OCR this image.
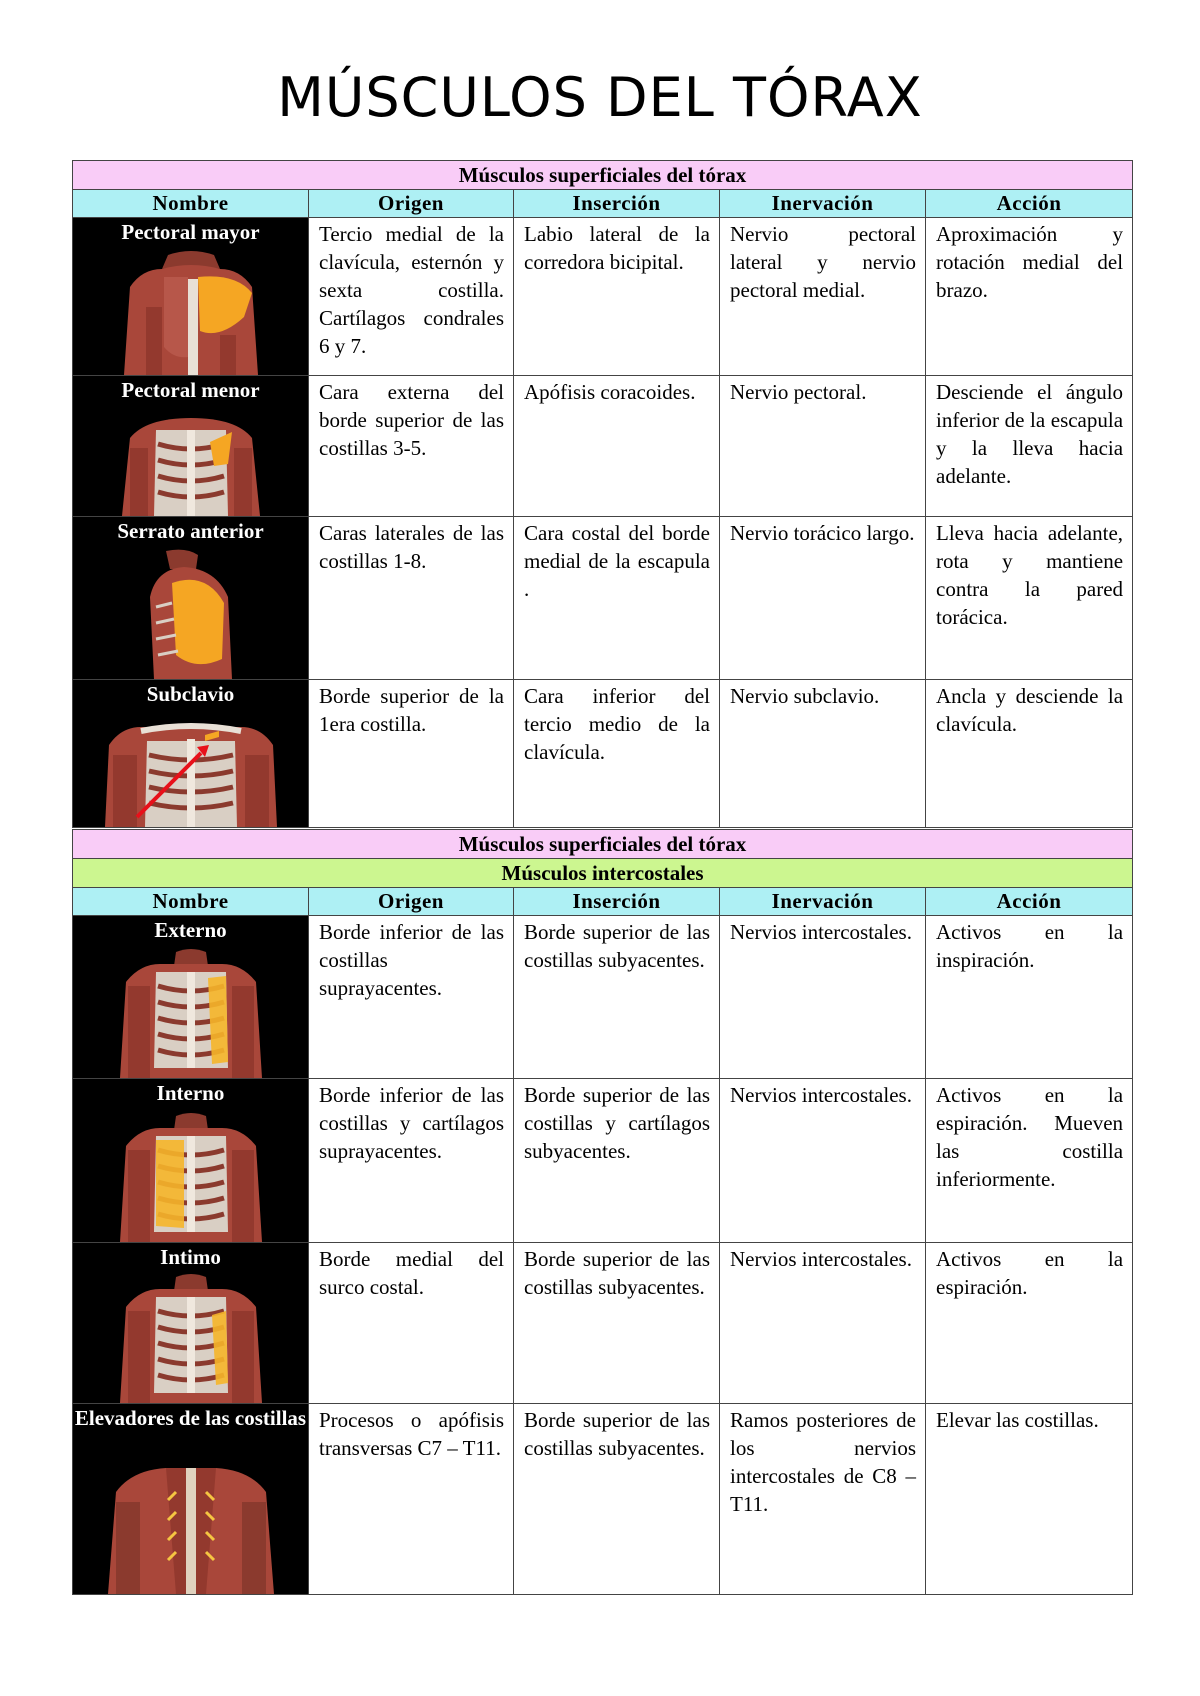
MÚSCULOS DEL TÓRAX
Músculos superficiales del tórax				
Nombre	Origen	Inserción	Inervación	Acción

Pectoral mayor	Tercio medial de la clavícula, esternón y sexta costilla. Cartílagos condrales 6 y 7.	Labio lateral de la corredora bicipital.	Nervio pectoral lateral y nervio pectoral medial.	Aproximación y rotación medial del brazo.

Pectoral menor	Cara externa del borde superior de las costillas 3-5.	Apófisis coracoides.	Nervio pectoral.	Desciende el ángulo inferior de la escapula y la lleva hacia adelante.

Serrato anterior	Caras laterales de las costillas 1-8.	Cara costal del borde medial de la escapula .	Nervio torácico largo.	Lleva hacia adelante, rota y mantiene contra la pared torácica.

Subclavio	Borde superior de la 1era costilla.	Cara inferior del tercio medio de la clavícula.	Nervio subclavio.	Ancla y desciende la clavícula.
Músculos superficiales del tórax				
Músculos intercostales				
Nombre	Origen	Inserción	Inervación	Acción

Externo	Borde inferior de las costillas suprayacentes.	Borde superior de las costillas subyacentes.	Nervios intercostales.	Activos en la inspiración.

Interno	Borde inferior de las costillas y cartílagos suprayacentes.	Borde superior de las costillas y cartílagos subyacentes.	Nervios intercostales.	Activos en la espiración. Mueven las costilla inferiormente.

Intimo	Borde medial del surco costal.	Borde superior de las costillas subyacentes.	Nervios intercostales.	Activos en la espiración.

Elevadores de las costillas	Procesos o apófisis transversas C7 – T11.	Borde superior de las costillas subyacentes.	Ramos posteriores de los nervios intercostales de C8 – T11.	Elevar las costillas.
